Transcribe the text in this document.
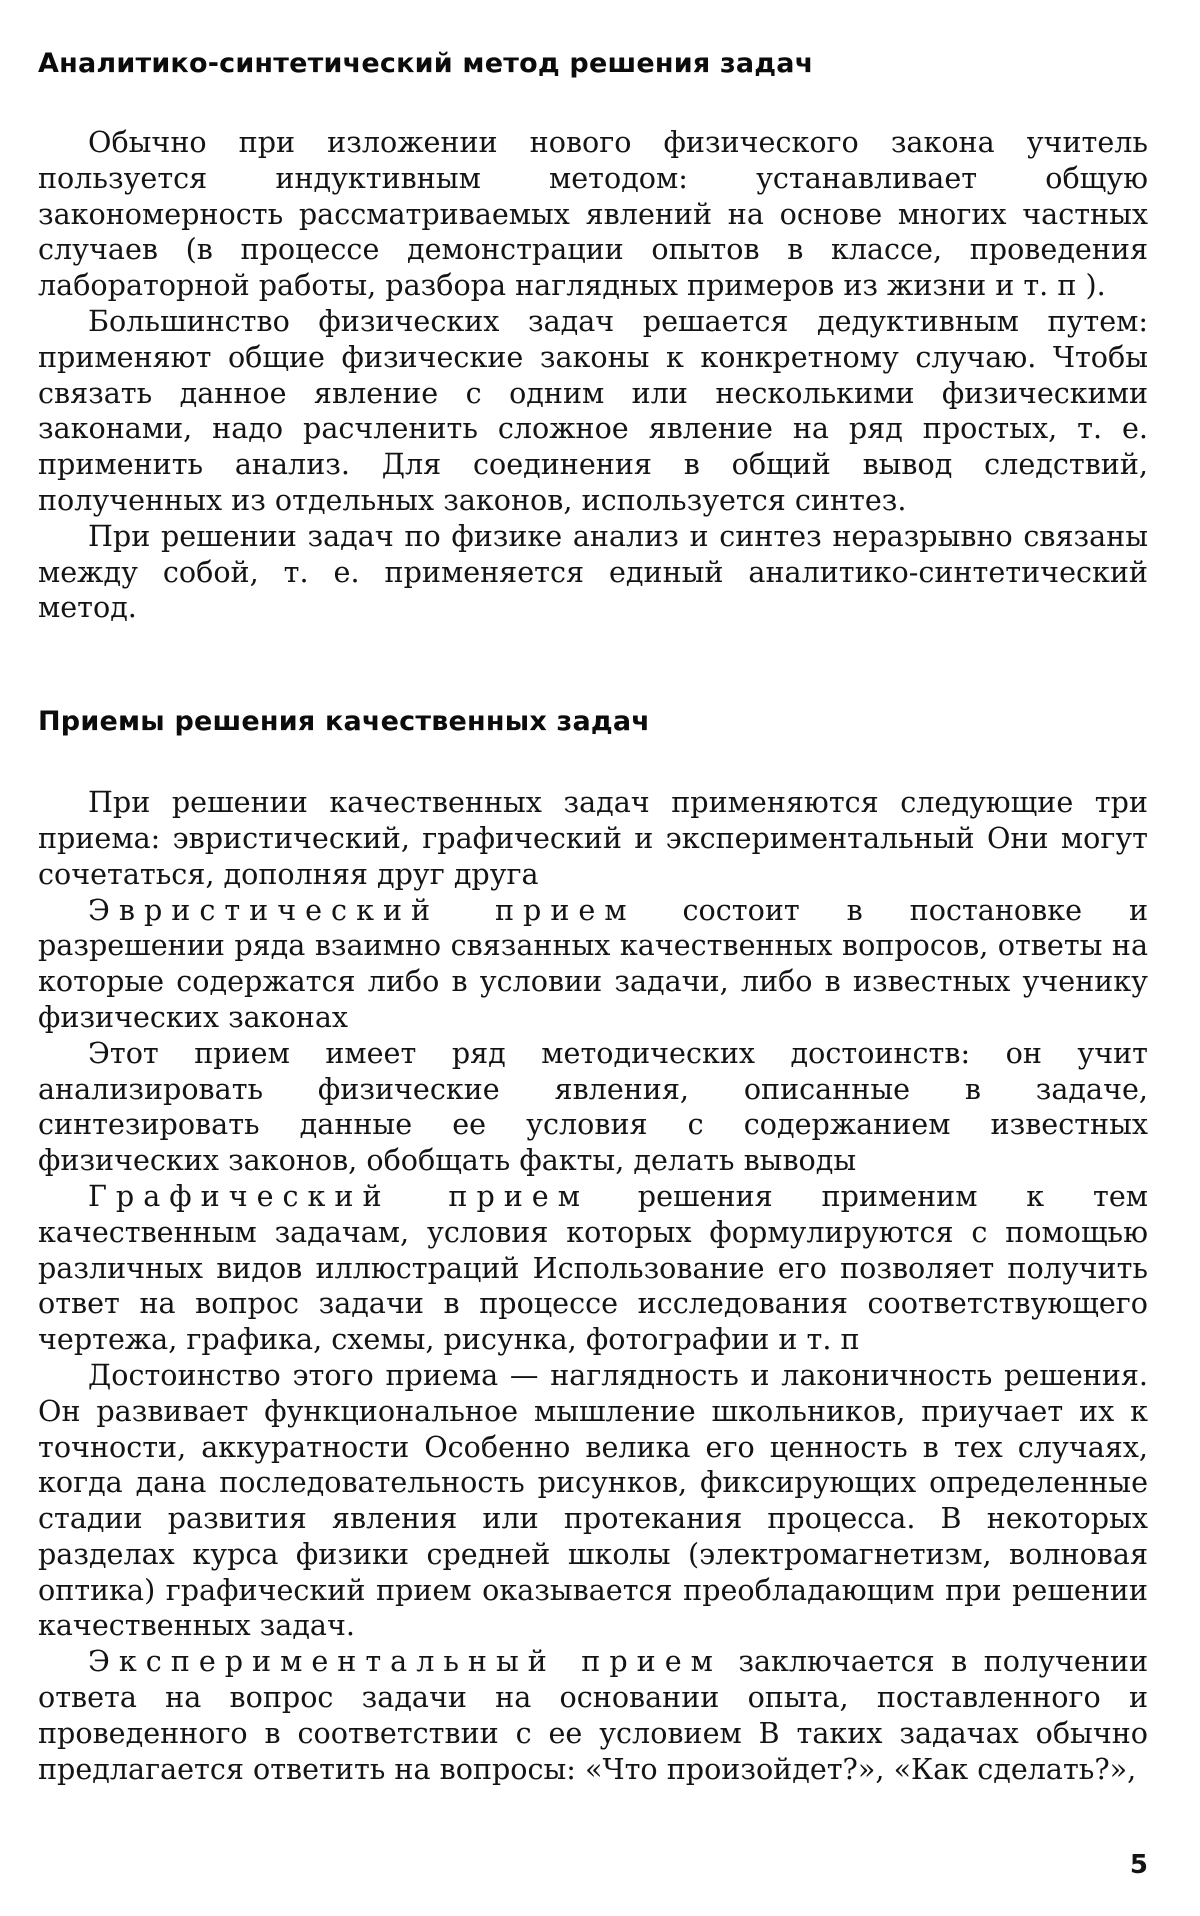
Аналитико-синтетический метод решения задач

Обычно при изложении нового физического закона учитель пользуется индуктивным методом: устанавливает общую закономерность рассматриваемых явлений на основе многих частных случаев (в процессе демонстрации опытов в классе, проведения лабораторной работы, разбора наглядных примеров из жизни и т. п ).

Большинство физических задач решается дедуктивным путем: применяют общие физические законы к конкретному случаю. Чтобы связать данное явление с одним или несколькими физическими законами, надо расчленить сложное явление на ряд простых, т. е. применить анализ. Для соединения в общий вывод следствий, полученных из отдельных законов, используется синтез.

При решении задач по физике анализ и синтез неразрывно связаны между собой, т. е. применяется единый аналитико-синтетический метод.

Приемы решения качественных задач

При решении качественных задач применяются следующие три приема: эвристический, графический и экспериментальный Они могут сочетаться, дополняя друг друга

Эвристический прием состоит в постановке и разрешении ряда взаимно связанных качественных вопросов, ответы на которые содержатся либо в условии задачи, либо в известных ученику физических законах

Этот прием имеет ряд методических достоинств: он учит анализировать физические явления, описанные в задаче, синтезировать данные ее условия с содержанием известных физических законов, обобщать факты, делать выводы

Графический прием решения применим к тем качественным задачам, условия которых формулируются с помощью различных видов иллюстраций Использование его позволяет получить ответ на вопрос задачи в процессе исследования соответствующего чертежа, графика, схемы, рисунка, фотографии и т. п

Достоинство этого приема — наглядность и лаконичность решения. Он развивает функциональное мышление школьников, приучает их к точности, аккуратности Особенно велика его ценность в тех случаях, когда дана последовательность рисунков, фиксирующих определенные стадии развития явления или протекания процесса. В некоторых разделах курса физики средней школы (электромагнетизм, волновая оптика) графический прием оказывается преобладающим при решении качественных задач.

Экспериментальный прием заключается в получении ответа на вопрос задачи на основании опыта, поставленного и проведенного в соответствии с ее условием В таких задачах обычно предлагается ответить на вопросы: «Что произойдет?», «Как сделать?»,

5
